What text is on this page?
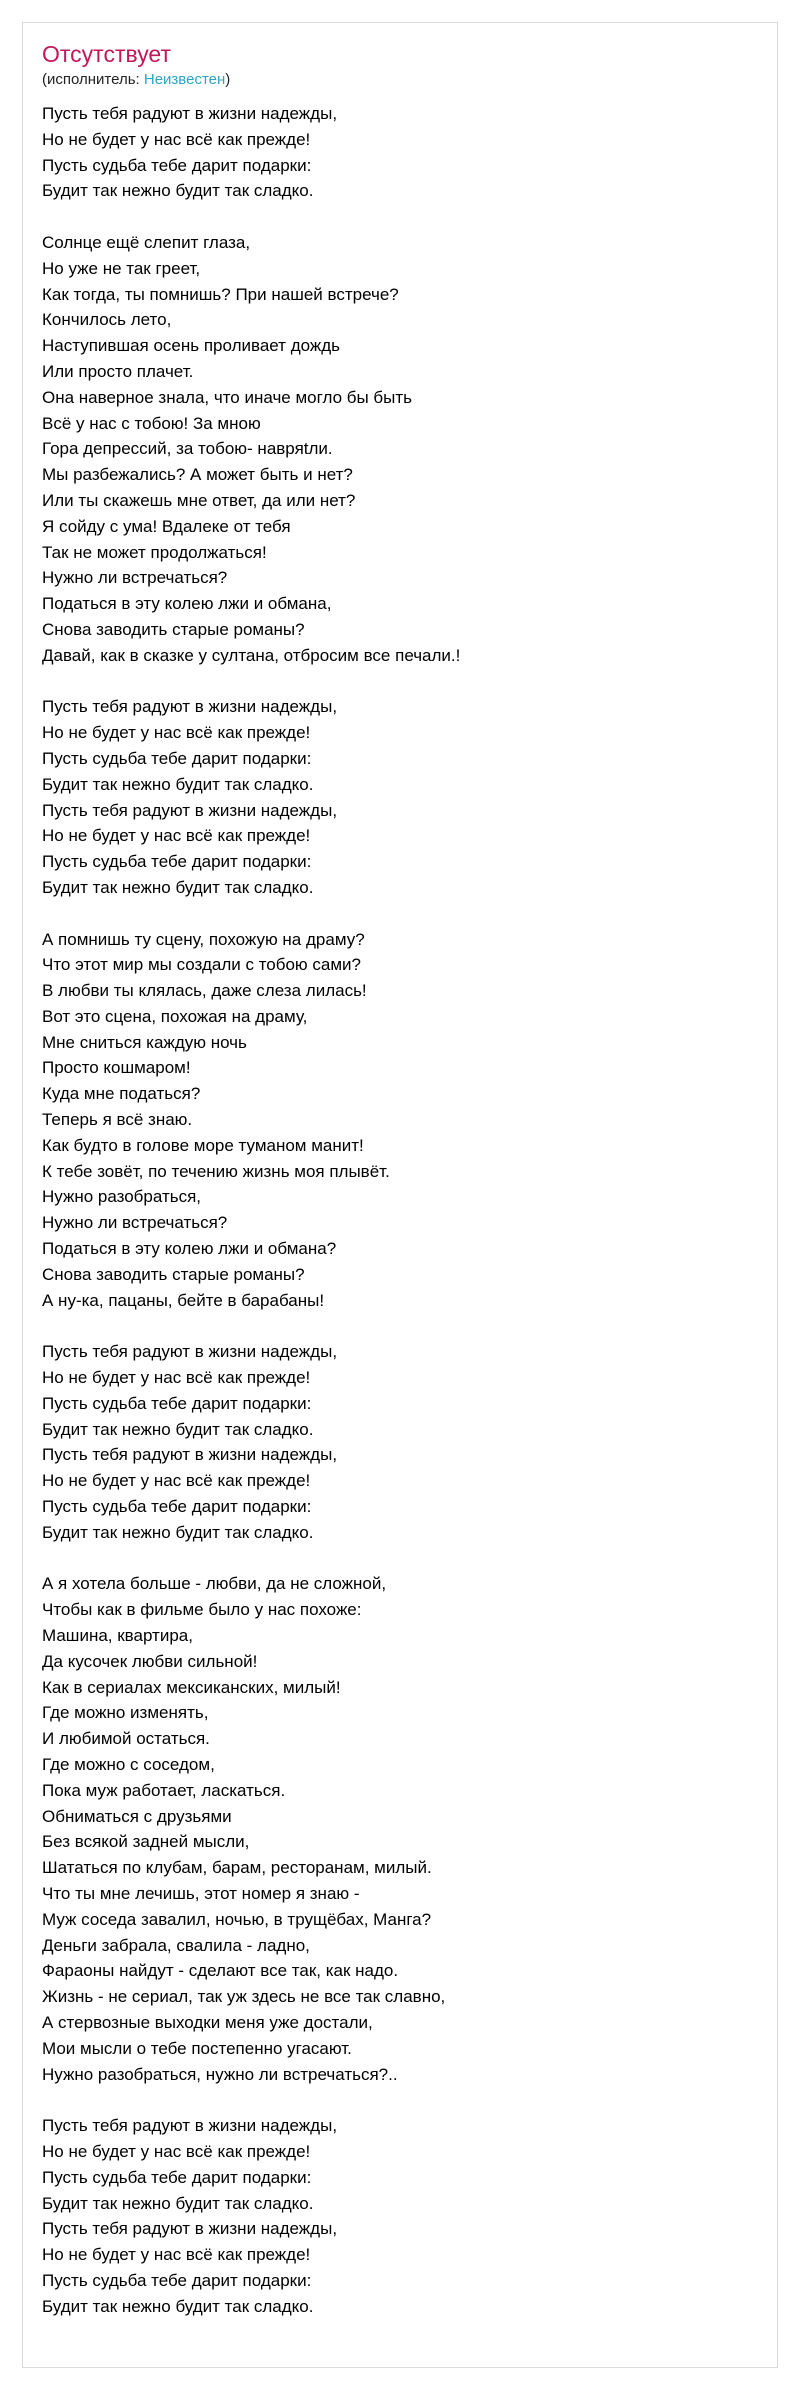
Отсутствует
(исполнитель: Неизвестен)
Пусть тебя радуют в жизни надежды,
Но не будет у нас всё как прежде!
Пусть судьба тебе дарит подарки:
Будит так нежно будит так сладко.
Солнце ещё слепит глаза,
Но уже не так греет,
Как тогда, ты помнишь? При нашей встрече?
Кончилось лето,
Наступившая осень проливает дождь
Или просто плачет.
Она наверное знала, что иначе могло бы быть
Всё у нас с тобою! За мною
Гора депрессий, за тобою- навряtли.
Мы разбежались? А может быть и нет?
Или ты скажешь мне ответ, да или нет?
Я сойду с ума! Вдалеке от тебя
Так не может продолжаться!
Нужно ли встречаться?
Податься в эту колею лжи и обмана,
Снова заводить старые романы?
Давай, как в сказке у султана, отбросим все печали.!
Пусть тебя радуют в жизни надежды,
Но не будет у нас всё как прежде!
Пусть судьба тебе дарит подарки:
Будит так нежно будит так сладко.
Пусть тебя радуют в жизни надежды,
Но не будет у нас всё как прежде!
Пусть судьба тебе дарит подарки:
Будит так нежно будит так сладко.
А помнишь ту сцену, похожую на драму?
Что этот мир мы создали с тобою сами?
В любви ты клялась, даже слеза лилась!
Вот это сцена, похожая на драму,
Мне сниться каждую ночь
Просто кошмаром!
Куда мне податься?
Теперь я всё знаю.
Как будто в голове море туманом манит!
К тебе зовёт, по течению жизнь моя плывёт.
Нужно разобраться,
Нужно ли встречаться?
Податься в эту колею лжи и обмана?
Снова заводить старые романы?
А ну-ка, пацаны, бейте в барабаны!
Пусть тебя радуют в жизни надежды,
Но не будет у нас всё как прежде!
Пусть судьба тебе дарит подарки:
Будит так нежно будит так сладко.
Пусть тебя радуют в жизни надежды,
Но не будет у нас всё как прежде!
Пусть судьба тебе дарит подарки:
Будит так нежно будит так сладко.
А я хотела больше - любви, да не сложной,
Чтобы как в фильме было у нас похоже:
Машина, квартира,
Да кусочек любви сильной!
Как в сериалах мексиканских, милый!
Где можно изменять,
И любимой остаться.
Где можно с соседом,
Пока муж работает, ласкаться.
Обниматься с друзьями
Без всякой задней мысли,
Шататься по клубам, барам, ресторанам, милый.
Что ты мне лечишь, этот номер я знаю -
Муж соседа завалил, ночью, в трущёбах, Манга?
Деньги забрала, свалила - ладно,
Фараоны найдут - сделают все так, как надо.
Жизнь - не сериал, так уж здесь не все так славно,
А стервозные выходки меня уже достали,
Мои мысли о тебе постепенно угасают.
Нужно разобраться, нужно ли встречаться?..
Пусть тебя радуют в жизни надежды,
Но не будет у нас всё как прежде!
Пусть судьба тебе дарит подарки:
Будит так нежно будит так сладко.
Пусть тебя радуют в жизни надежды,
Но не будет у нас всё как прежде!
Пусть судьба тебе дарит подарки:
Будит так нежно будит так сладко.
